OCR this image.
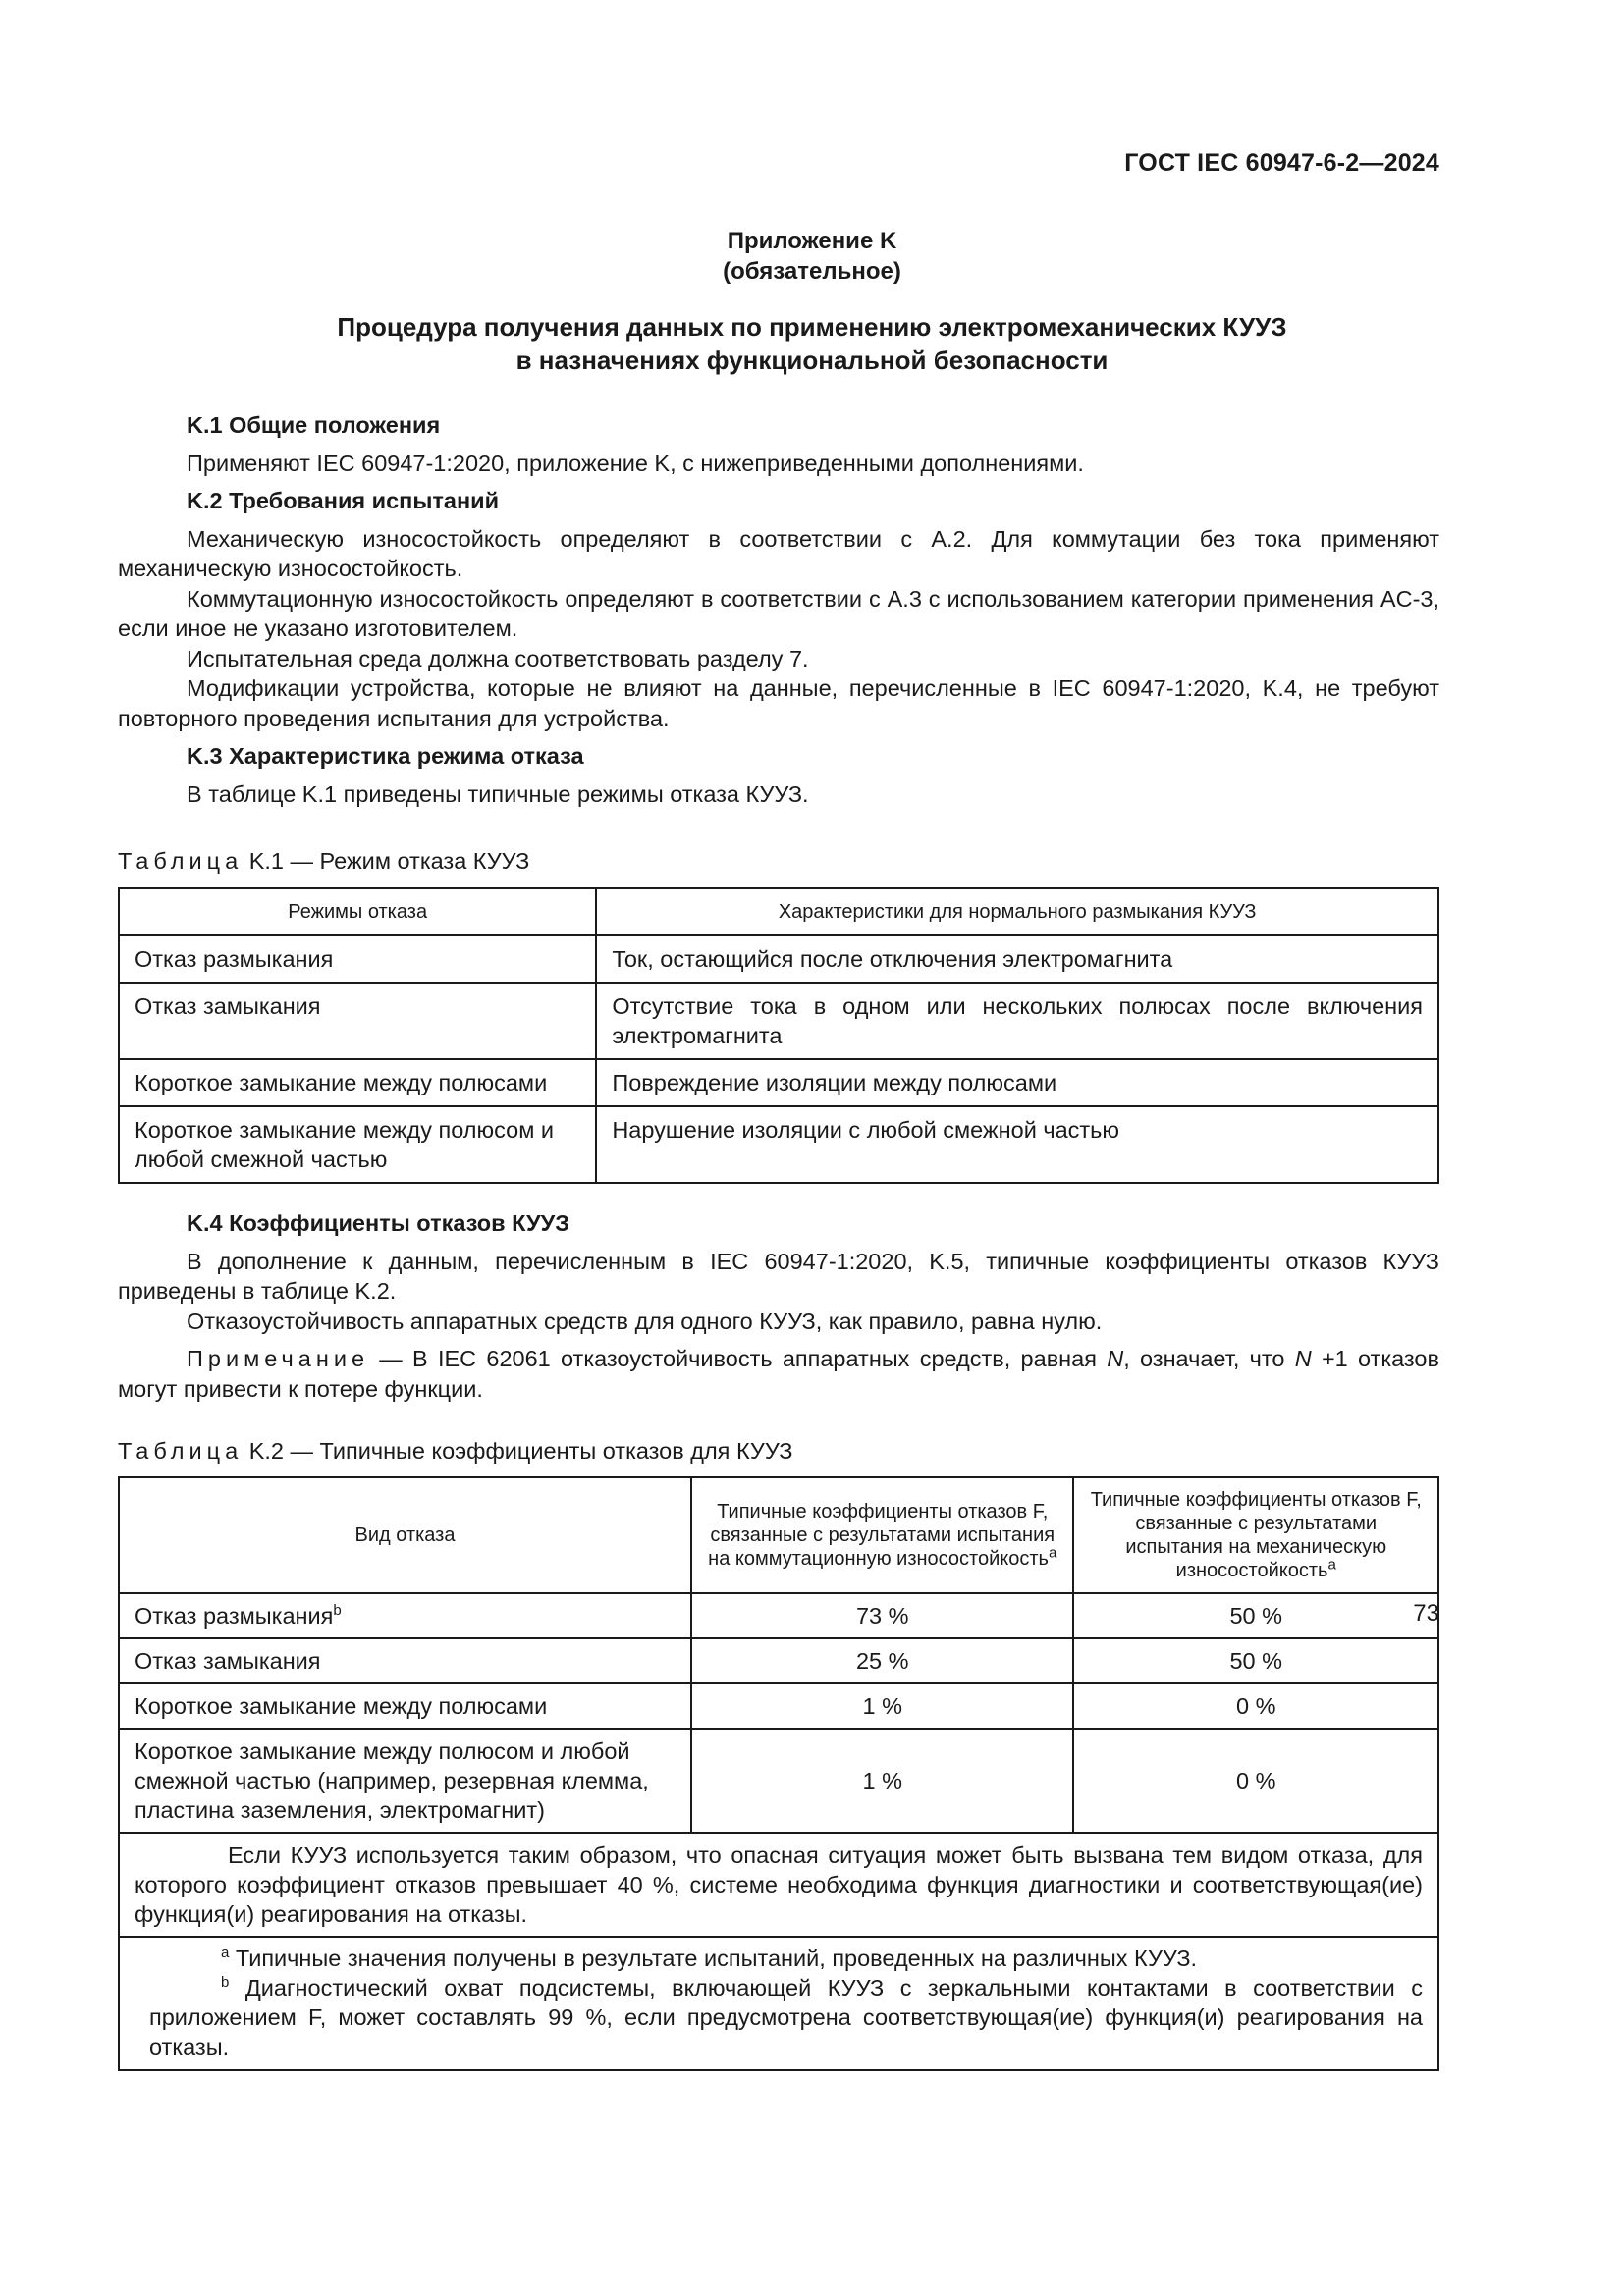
ГОСТ IEC 60947-6-2—2024
Приложение K
(обязательное)
Процедура получения данных по применению электромеханических КУУЗ
в назначениях функциональной безопасности
K.1 Общие положения

Применяют IEC 60947-1:2020, приложение K, с нижеприведенными дополнениями.

K.2 Требования испытаний

Механическую износостойкость определяют в соответствии с A.2. Для коммутации без тока применяют механическую износостойкость.

Коммутационную износостойкость определяют в соответствии с A.3 с использованием категории применения AC-3, если иное не указано изготовителем.

Испытательная среда должна соответствовать разделу 7.

Модификации устройства, которые не влияют на данные, перечисленные в IEC 60947-1:2020, K.4, не требуют повторного проведения испытания для устройства.

K.3 Характеристика режима отказа

В таблице K.1 приведены типичные режимы отказа КУУЗ.

Таблица K.1 — Режим отказа КУУЗ
Режимы отказа	Характеристики для нормального размыкания КУУЗ
Отказ размыкания	Ток, остающийся после отключения электромагнита
Отказ замыкания	Отсутствие тока в одном или нескольких полюсах после включения электромагнита
Короткое замыкание между полюсами	Повреждение изоляции между полюсами
Короткое замыкание между полюсом и любой смежной частью	Нарушение изоляции с любой смежной частью
K.4 Коэффициенты отказов КУУЗ

В дополнение к данным, перечисленным в IEC 60947-1:2020, K.5, типичные коэффициенты отказов КУУЗ приведены в таблице K.2.

Отказоустойчивость аппаратных средств для одного КУУЗ, как правило, равна нулю.

Примечание — В IEC 62061 отказоустойчивость аппаратных средств, равная N, означает, что N +1 отказов могут привести к потере функции.

Таблица K.2 — Типичные коэффициенты отказов для КУУЗ
Вид отказа	Типичные коэффициенты отказов F, связанные с результатами испытания на коммутационную износостойкость$^a$	Типичные коэффициенты отказов F, связанные с результатами испытания на механическую износостойкость$^a$
Отказ размыкания$^b$	73 %	50 %
Отказ замыкания	25 %	50 %
Короткое замыкание между полюсами	1 %	0 %
Короткое замыкание между полюсом и любой смежной частью (например, резервная клемма, пластина заземления, электромагнит)	1 %	0 %
Если КУУЗ используется таким образом, что опасная ситуация может быть вызвана тем видом отказа, для которого коэффициент отказов превышает 40 %, системе необходима функция диагностики и соответствующая(ие) функция(и) реагирования на отказы.		

$^a$ Типичные значения получены в результате испытаний, проведенных на различных КУУЗ.

$^b$ Диагностический охват подсистемы, включающей КУУЗ с зеркальными контактами в соответствии с приложением F, может составлять 99 %, если предусмотрена соответствующая(ие) функция(и) реагирования на отказы.		

73
